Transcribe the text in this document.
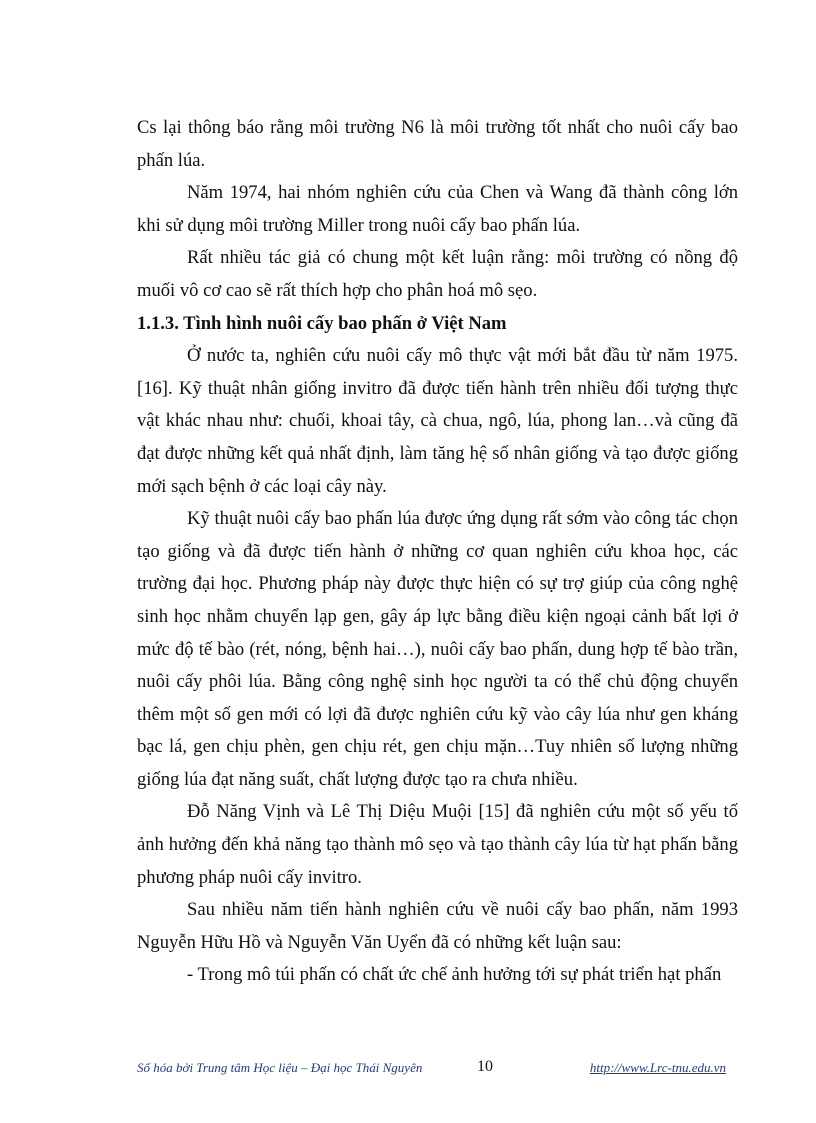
Cs lại thông báo rằng môi trường N6 là môi trường tốt nhất cho nuôi cấy bao phấn lúa.

Năm 1974, hai nhóm nghiên cứu của Chen và Wang đã thành công lớn khi sử dụng môi trường Miller trong nuôi cấy bao phấn lúa.

Rất nhiều tác giả có chung một kết luận rằng: môi trường có nồng độ muối vô cơ cao sẽ rất thích hợp cho phân hoá mô sẹo.

1.1.3. Tình hình nuôi cấy bao phấn ở Việt Nam

Ở nước ta, nghiên cứu nuôi cấy mô thực vật mới bắt đầu từ năm 1975. [16]. Kỹ thuật nhân giống invitro đã được tiến hành trên nhiều đối tượng thực vật khác nhau như: chuối, khoai tây, cà chua, ngô, lúa, phong lan…và cũng đã đạt được những kết quả nhất định, làm tăng hệ số nhân giống và tạo được giống mới sạch bệnh ở các loại cây này.

Kỹ thuật nuôi cấy bao phấn lúa được ứng dụng rất sớm vào công tác chọn tạo giống và đã được tiến hành ở những cơ quan nghiên cứu khoa học, các trường đại học. Phương pháp này được thực hiện có sự trợ giúp của công nghệ sinh học nhằm chuyển lạp gen, gây áp lực bằng điều kiện ngoại cảnh bất lợi ở mức độ tế bào (rét, nóng, bệnh hai…), nuôi cấy bao phấn, dung hợp tế bào trần, nuôi cấy phôi lúa. Bằng công nghệ sinh học người ta có thể chủ động chuyển thêm một số gen mới có lợi đã được nghiên cứu kỹ vào cây lúa như gen kháng bạc lá, gen chịu phèn, gen chịu rét, gen chịu mặn…Tuy nhiên số lượng những giống lúa đạt năng suất, chất lượng được tạo ra chưa nhiều.

Đỗ Năng Vịnh và Lê Thị Diệu Muội [15] đã nghiên cứu một số yếu tố ảnh hưởng đến khả năng tạo thành mô sẹo và tạo thành cây lúa từ hạt phấn bằng phương pháp nuôi cấy invitro.

Sau nhiều năm tiến hành nghiên cứu về nuôi cấy bao phấn, năm 1993 Nguyễn Hữu Hồ và Nguyễn Văn Uyển đã có những kết luận sau:

- Trong mô túi phấn có chất ức chế ảnh hưởng tới sự phát triển hạt phấn

Số hóa bởi Trung tâm Học liệu – Đại học Thái Nguyên	10	http://www.Lrc-tnu.edu.vn
